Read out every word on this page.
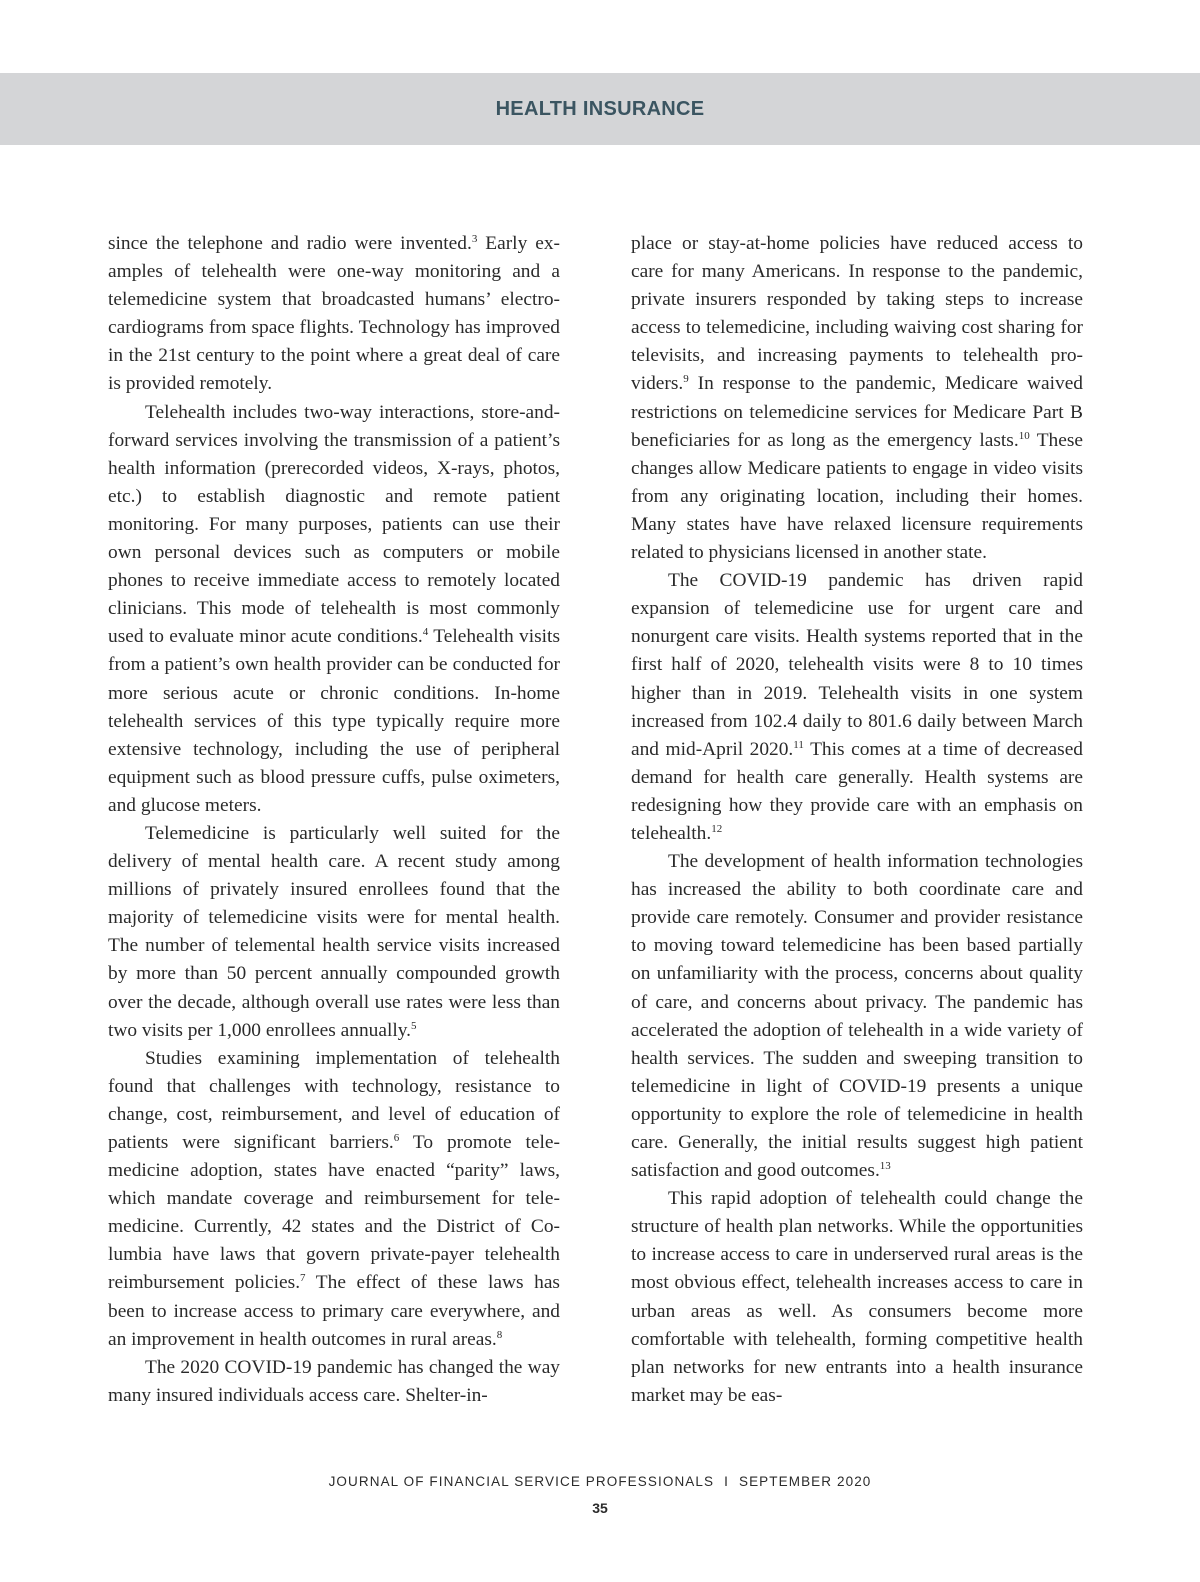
HEALTH INSURANCE

since the telephone and radio were invented.$^3$ Early examples of telehealth were one-way monitoring and a telemedicine system that broadcasted humans’ electrocardiograms from space flights. Technology has improved in the 21st century to the point where a great deal of care is provided remotely.

Telehealth includes two-way interactions, store-and-forward services involving the transmission of a patient’s health information (prerecorded videos, X-rays, photos, etc.) to establish diagnostic and remote patient monitoring. For many purposes, patients can use their own personal devices such as computers or mobile phones to receive immediate access to remotely located clinicians. This mode of telehealth is most commonly used to evaluate minor acute conditions.$^4$ Telehealth visits from a patient’s own health provider can be conducted for more serious acute or chronic conditions. In-home telehealth services of this type typically require more extensive technology, including the use of peripheral equipment such as blood pressure cuffs, pulse oximeters, and glucose meters.

Telemedicine is particularly well suited for the delivery of mental health care. A recent study among millions of privately insured enrollees found that the majority of telemedicine visits were for mental health. The number of telemental health service visits increased by more than 50 percent annually compounded growth over the decade, although overall use rates were less than two visits per 1,000 enrollees annually.$^5$

Studies examining implementation of telehealth found that challenges with technology, resistance to change, cost, reimbursement, and level of education of patients were significant barriers.$^6$ To promote telemedicine adoption, states have enacted “parity” laws, which mandate coverage and reimbursement for telemedicine. Currently, 42 states and the District of Columbia have laws that govern private-payer telehealth reimbursement policies.$^7$ The effect of these laws has been to increase access to primary care everywhere, and an improvement in health outcomes in rural areas.$^8$

The 2020 COVID-19 pandemic has changed the way many insured individuals access care. Shelter-in-

place or stay-at-home policies have reduced access to care for many Americans. In response to the pandemic, private insurers responded by taking steps to increase access to telemedicine, including waiving cost sharing for televisits, and increasing payments to telehealth providers.$^9$ In response to the pandemic, Medicare waived restrictions on telemedicine services for Medicare Part B beneficiaries for as long as the emergency lasts.$^{10}$ These changes allow Medicare patients to engage in video visits from any originating location, including their homes. Many states have have relaxed licensure requirements related to physicians licensed in another state.

The COVID-19 pandemic has driven rapid expansion of telemedicine use for urgent care and nonurgent care visits. Health systems reported that in the first half of 2020, telehealth visits were 8 to 10 times higher than in 2019. Telehealth visits in one system increased from 102.4 daily to 801.6 daily between March and mid-April 2020.11 This comes at a time of decreased demand for health care generally. Health systems are redesigning how they provide care with an emphasis on telehealth.$^{12}$

The development of health information technologies has increased the ability to both coordinate care and provide care remotely. Consumer and provider resistance to moving toward telemedicine has been based partially on unfamiliarity with the process, concerns about quality of care, and concerns about privacy. The pandemic has accelerated the adoption of telehealth in a wide variety of health services. The sudden and sweeping transition to telemedicine in light of COVID-19 presents a unique opportunity to explore the role of telemedicine in health care. Generally, the initial results suggest high patient satisfaction and good outcomes.$^{13}$

This rapid adoption of telehealth could change the structure of health plan networks. While the opportunities to increase access to care in underserved rural areas is the most obvious effect, telehealth increases access to care in urban areas as well. As consumers become more comfortable with telehealth, forming competitive health plan networks for new entrants into a health insurance market may be eas-

JOURNAL OF FINANCIAL SERVICE PROFESSIONALS I SEPTEMBER 2020
35
